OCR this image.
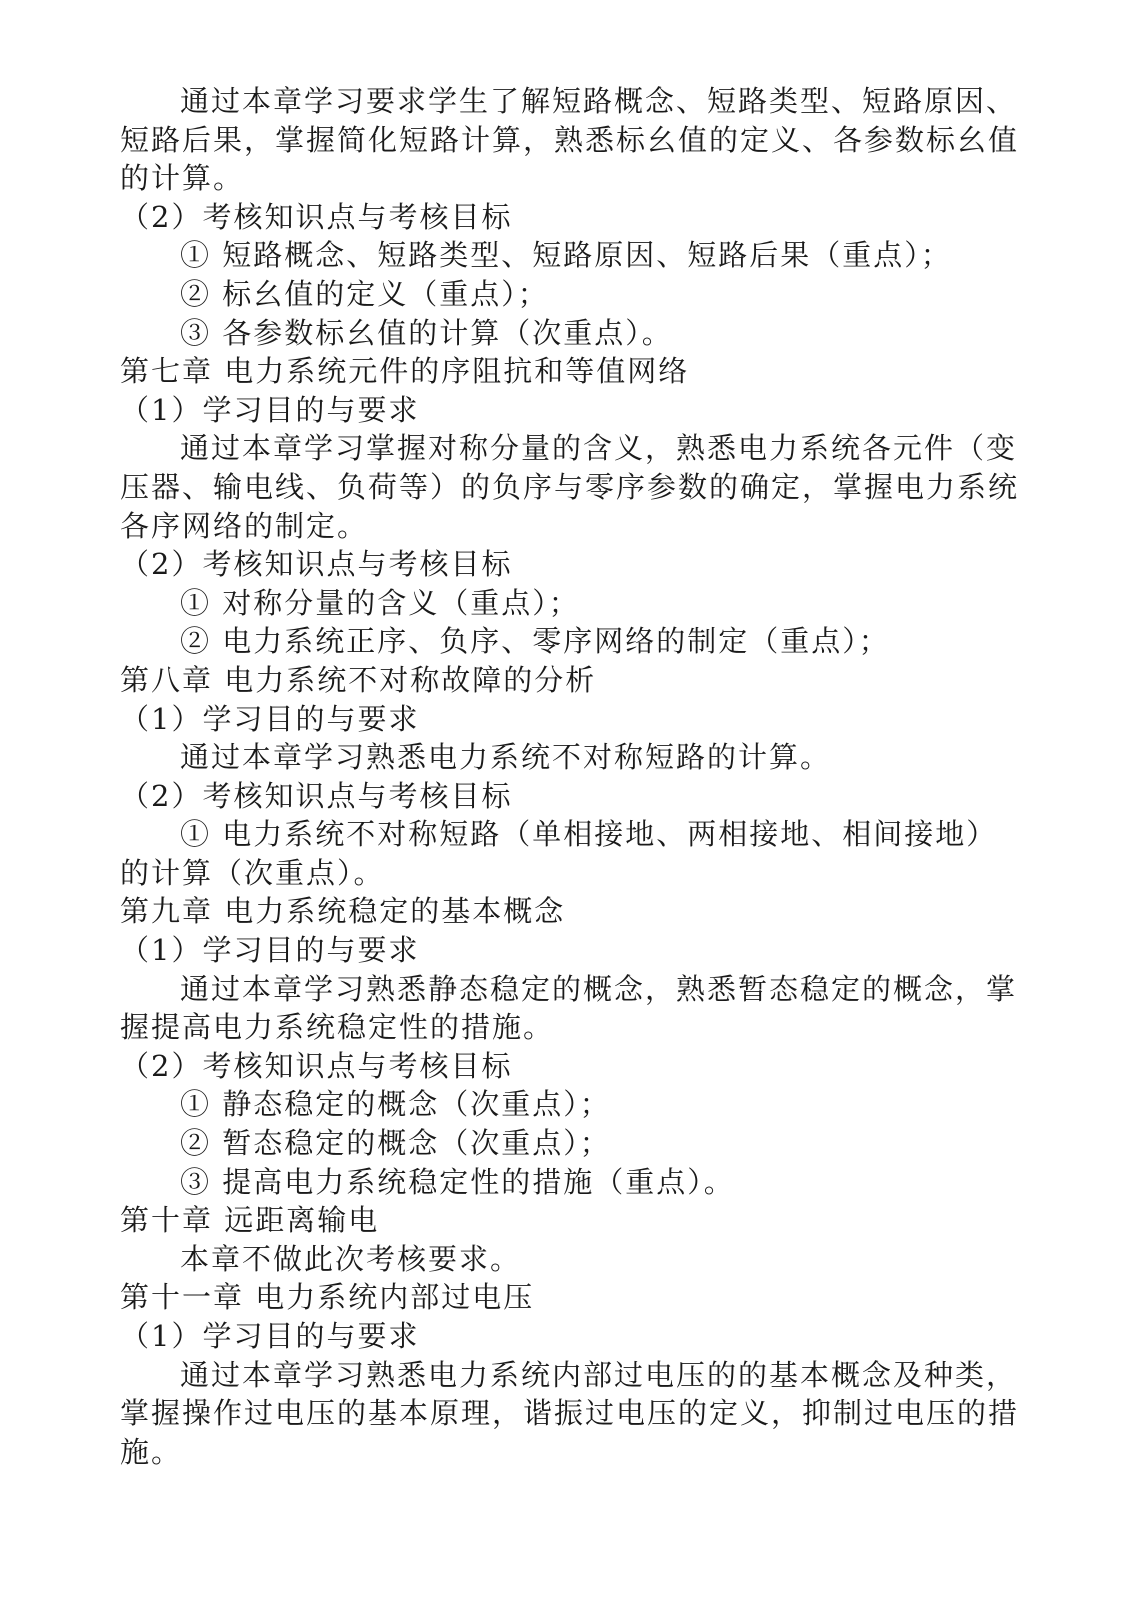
通过本章学习要求学生了解短路概念、短路类型、短路原因、
短路后果，掌握简化短路计算，熟悉标幺值的定义、各参数标幺值
的计算。
（2）考核知识点与考核目标
① 短路概念、短路类型、短路原因、短路后果（重点）；
② 标幺值的定义（重点）；
③ 各参数标幺值的计算（次重点）。
第七章 电力系统元件的序阻抗和等值网络
（1）学习目的与要求
通过本章学习掌握对称分量的含义，熟悉电力系统各元件（变
压器、输电线、负荷等）的负序与零序参数的确定，掌握电力系统
各序网络的制定。
（2）考核知识点与考核目标
① 对称分量的含义（重点）；
② 电力系统正序、负序、零序网络的制定（重点）；
第八章 电力系统不对称故障的分析
（1）学习目的与要求
通过本章学习熟悉电力系统不对称短路的计算。
（2）考核知识点与考核目标
① 电力系统不对称短路（单相接地、两相接地、相间接地）
的计算（次重点）。
第九章 电力系统稳定的基本概念
（1）学习目的与要求
通过本章学习熟悉静态稳定的概念，熟悉暂态稳定的概念，掌
握提高电力系统稳定性的措施。
（2）考核知识点与考核目标
① 静态稳定的概念（次重点）；
② 暂态稳定的概念（次重点）；
③ 提高电力系统稳定性的措施（重点）。
第十章 远距离输电
本章不做此次考核要求。
第十一章 电力系统内部过电压
（1）学习目的与要求
通过本章学习熟悉电力系统内部过电压的的基本概念及种类，
掌握操作过电压的基本原理，谐振过电压的定义，抑制过电压的措
施。
